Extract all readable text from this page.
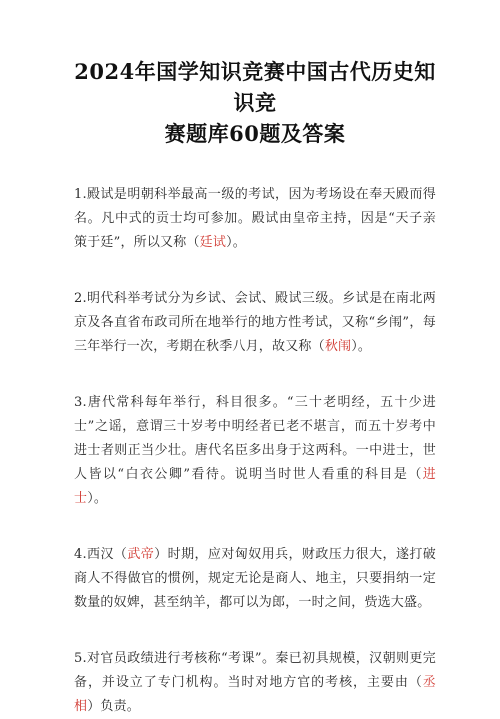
2024年国学知识竞赛中国古代历史知识竞
赛题库60题及答案

1.殿试是明朝科举最高一级的考试，因为考场设在奉天殿而得名。凡中式的贡士均可参加。殿试由皇帝主持，因是“天子亲策于廷”，所以又称（廷试）。

2.明代科举考试分为乡试、会试、殿试三级。乡试是在南北两京及各直省布政司所在地举行的地方性考试，又称“乡闱”，每三年举行一次，考期在秋季八月，故又称（秋闱）。

3.唐代常科每年举行，科目很多。“三十老明经，五十少进士”之谣，意谓三十岁考中明经者已老不堪言，而五十岁考中进士者则正当少壮。唐代名臣多出身于这两科。一中进士，世人皆以“白衣公卿”看待。说明当时世人看重的科目是（进士）。

4.西汉（武帝）时期，应对匈奴用兵，财政压力很大，遂打破商人不得做官的惯例，规定无论是商人、地主，只要捐纳一定数量的奴婢，甚至纳羊，都可以为郎，一时之间，赀选大盛。

5.对官员政绩进行考核称“考课”。秦已初具规模，汉朝则更完备，并设立了专门机构。当时对地方官的考核，主要由（丞相）负责。
